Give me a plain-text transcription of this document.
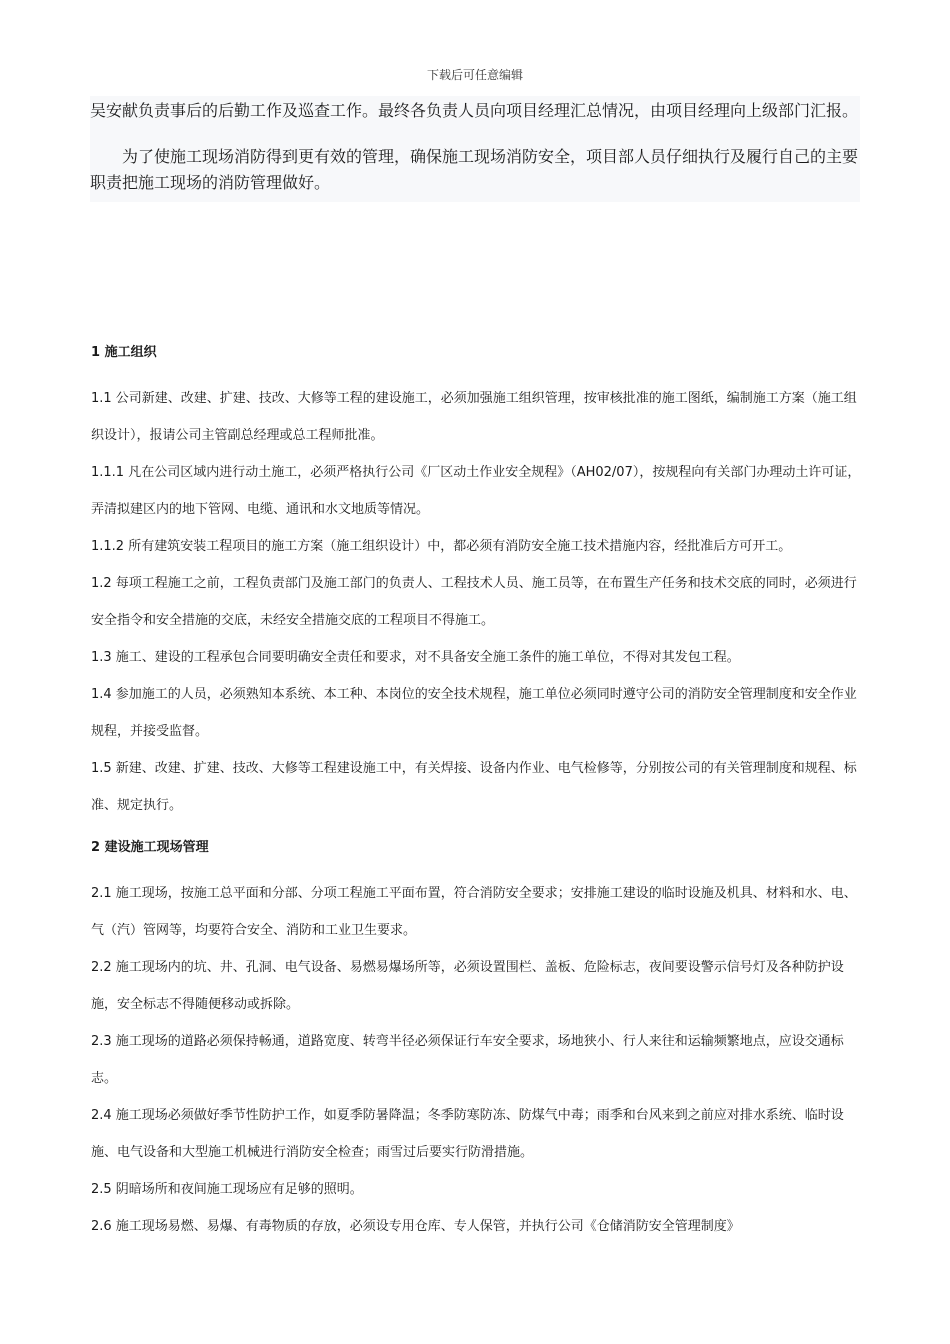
下载后可任意编辑

吴安献负责事后的后勤工作及巡查工作。最终各负责人员向项目经理汇总情况，由项目经理向上级部门汇报。

为了使施工现场消防得到更有效的管理，确保施工现场消防安全，项目部人员仔细执行及履行自己的主要职责把施工现场的消防管理做好。

1 施工组织

1.1 公司新建、改建、扩建、技改、大修等工程的建设施工，必须加强施工组织管理，按审核批准的施工图纸，编制施工方案（施工组织设计），报请公司主管副总经理或总工程师批准。

1.1.1 凡在公司区域内进行动土施工，必须严格执行公司《厂区动土作业安全规程》（AH02/07），按规程向有关部门办理动土许可证，弄清拟建区内的地下管网、电缆、通讯和水文地质等情况。

1.1.2 所有建筑安装工程项目的施工方案（施工组织设计）中，都必须有消防安全施工技术措施内容，经批准后方可开工。

1.2 每项工程施工之前，工程负责部门及施工部门的负责人、工程技术人员、施工员等，在布置生产任务和技术交底的同时，必须进行安全指令和安全措施的交底，未经安全措施交底的工程项目不得施工。

1.3 施工、建设的工程承包合同要明确安全责任和要求，对不具备安全施工条件的施工单位，不得对其发包工程。

1.4 参加施工的人员，必须熟知本系统、本工种、本岗位的安全技术规程，施工单位必须同时遵守公司的消防安全管理制度和安全作业规程，并接受监督。

1.5 新建、改建、扩建、技改、大修等工程建设施工中，有关焊接、设备内作业、电气检修等，分别按公司的有关管理制度和规程、标准、规定执行。

2 建设施工现场管理

2.1 施工现场，按施工总平面和分部、分项工程施工平面布置，符合消防安全要求；安排施工建设的临时设施及机具、材料和水、电、气（汽）管网等，均要符合安全、消防和工业卫生要求。

2.2 施工现场内的坑、井、孔洞、电气设备、易燃易爆场所等，必须设置围栏、盖板、危险标志，夜间要设警示信号灯及各种防护设施，安全标志不得随便移动或拆除。

2.3 施工现场的道路必须保持畅通，道路宽度、转弯半径必须保证行车安全要求，场地狭小、行人来往和运输频繁地点，应设交通标志。

2.4 施工现场必须做好季节性防护工作，如夏季防暑降温；冬季防寒防冻、防煤气中毒；雨季和台风来到之前应对排水系统、临时设施、电气设备和大型施工机械进行消防安全检查；雨雪过后要实行防滑措施。

2.5 阴暗场所和夜间施工现场应有足够的照明。

2.6 施工现场易燃、易爆、有毒物质的存放，必须设专用仓库、专人保管，并执行公司《仓储消防安全管理制度》
